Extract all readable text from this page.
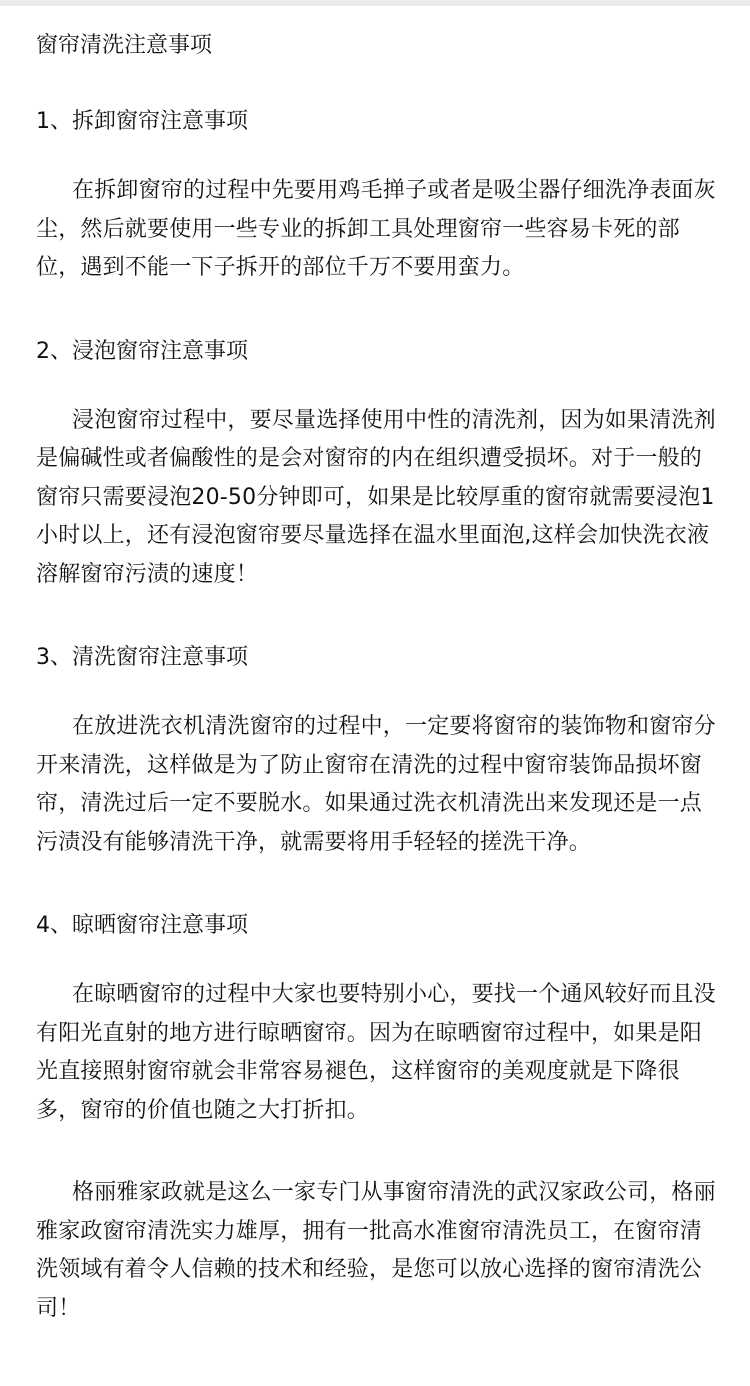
窗帘清洗注意事项
1、拆卸窗帘注意事项

在拆卸窗帘的过程中先要用鸡毛掸子或者是吸尘器仔细洗净表面灰尘，然后就要使用一些专业的拆卸工具处理窗帘一些容易卡死的部位，遇到不能一下子拆开的部位千万不要用蛮力。

2、浸泡窗帘注意事项

浸泡窗帘过程中，要尽量选择使用中性的清洗剂，因为如果清洗剂是偏碱性或者偏酸性的是会对窗帘的内在组织遭受损坏。对于一般的窗帘只需要浸泡20-50分钟即可，如果是比较厚重的窗帘就需要浸泡1小时以上，还有浸泡窗帘要尽量选择在温水里面泡,这样会加快洗衣液溶解窗帘污渍的速度！

3、清洗窗帘注意事项

在放进洗衣机清洗窗帘的过程中，一定要将窗帘的装饰物和窗帘分开来清洗，这样做是为了防止窗帘在清洗的过程中窗帘装饰品损坏窗帘，清洗过后一定不要脱水。如果通过洗衣机清洗出来发现还是一点污渍没有能够清洗干净，就需要将用手轻轻的搓洗干净。

4、晾晒窗帘注意事项

在晾晒窗帘的过程中大家也要特别小心，要找一个通风较好而且没有阳光直射的地方进行晾晒窗帘。因为在晾晒窗帘过程中，如果是阳光直接照射窗帘就会非常容易褪色，这样窗帘的美观度就是下降很多，窗帘的价值也随之大打折扣。

格丽雅家政就是这么一家专门从事窗帘清洗的武汉家政公司，格丽雅家政窗帘清洗实力雄厚，拥有一批高水准窗帘清洗员工，在窗帘清洗领域有着令人信赖的技术和经验，是您可以放心选择的窗帘清洗公司！
